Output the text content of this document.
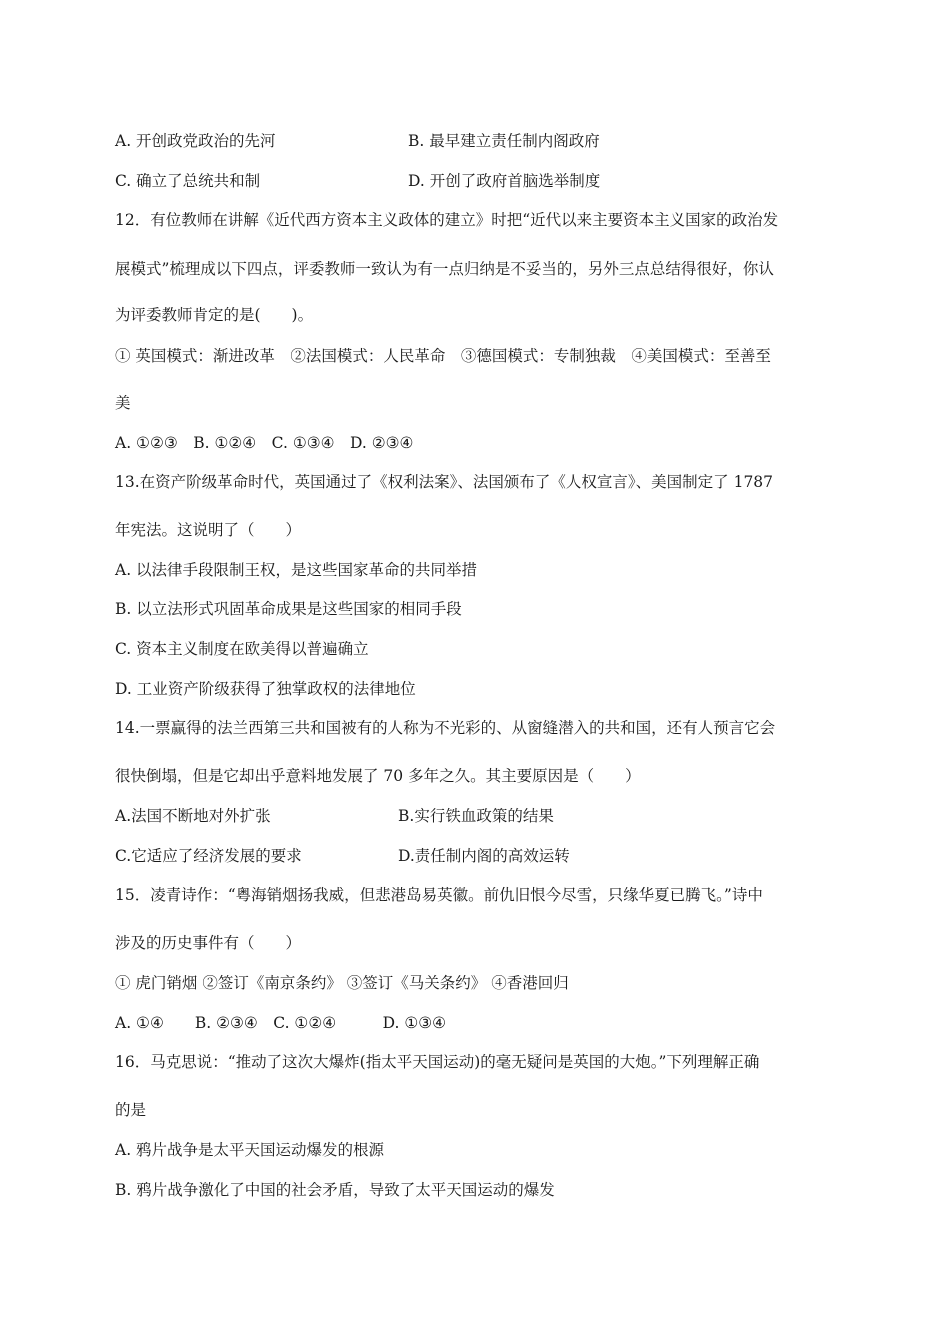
A. 开创政党政治的先河	B. 最早建立责任制内阁政府
C. 确立了总统共和制	D. 开创了政府首脑选举制度
12．有位教师在讲解《近代西方资本主义政体的建立》时把“近代以来主要资本主义国家的政治发
展模式”梳理成以下四点，评委教师一致认为有一点归纳是不妥当的，另外三点总结得很好，你认
为评委教师肯定的是(　　)。
① 英国模式：渐进改革　②法国模式：人民革命　③德国模式：专制独裁　④美国模式：至善至
美
A. ①②③　B. ①②④　C. ①③④　D. ②③④
13.在资产阶级革命时代，英国通过了《权利法案》、法国颁布了《人权宣言》、美国制定了 1787
年宪法。这说明了（　　）
A. 以法律手段限制王权，是这些国家革命的共同举措
B. 以立法形式巩固革命成果是这些国家的相同手段
C. 资本主义制度在欧美得以普遍确立
D. 工业资产阶级获得了独掌政权的法律地位
14.一票赢得的法兰西第三共和国被有的人称为不光彩的、从窗缝潜入的共和国，还有人预言它会
很快倒塌，但是它却出乎意料地发展了 70 多年之久。其主要原因是（　　）
A.法国不断地对外扩张	B.实行铁血政策的结果
C.它适应了经济发展的要求	D.责任制内阁的高效运转
15．凌青诗作：“粤海销烟扬我威，但悲港岛易英徽。前仇旧恨今尽雪，只缘华夏已腾飞。”诗中
涉及的历史事件有（　　）
① 虎门销烟 ②签订《南京条约》 ③签订《马关条约》 ④香港回归
A. ①④　　B. ②③④　C. ①②④　　　D. ①③④
16．马克思说：“推动了这次大爆炸(指太平天国运动)的毫无疑问是英国的大炮。”下列理解正确
的是
A. 鸦片战争是太平天国运动爆发的根源
B. 鸦片战争激化了中国的社会矛盾，导致了太平天国运动的爆发
